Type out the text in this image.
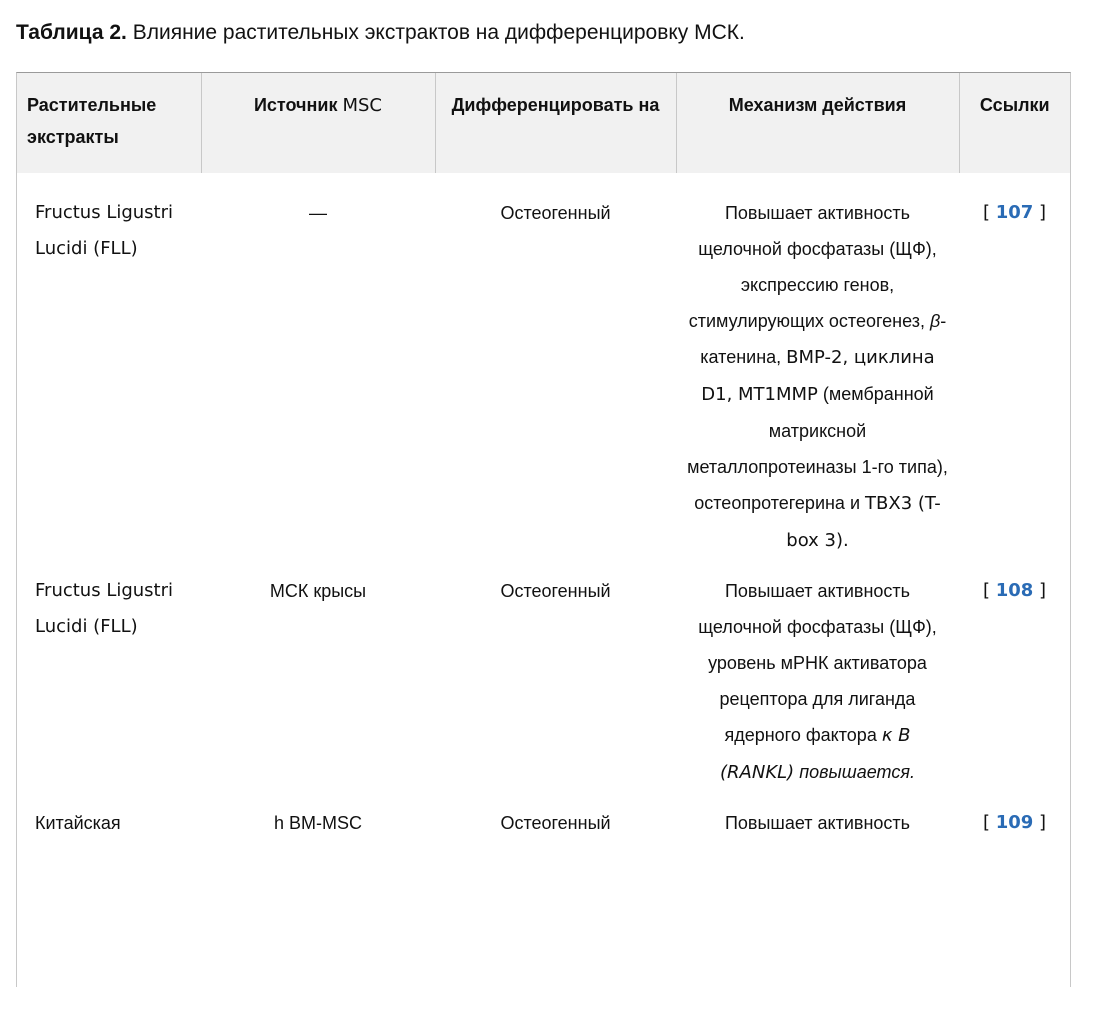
Таблица 2. Влияние растительных экстрактов на дифференцировку МСК.
Растительные экстракты	Источник MSC	Дифференцировать на	Механизм действия	Ссылки
Fructus Ligustri Lucidi (FLL)	—	Остеогенный	Повышает активность щелочной фосфатазы (ЩФ), экспрессию генов, стимулирующих остеогенез, β-катенина, BMP-2, циклина D1, MT1MMP (мембранной матриксной металлопротеиназы 1-го типа), остеопротегерина и TBX3 (T-box 3).	[ 107 ]
Fructus Ligustri Lucidi (FLL)	МСК крысы	Остеогенный	Повышает активность щелочной фосфатазы (ЩФ), уровень мРНК активатора рецептора для лиганда ядерного фактора κ B (RANKL) повышается.	[ 108 ]
Китайская	h BM-MSC	Остеогенный	Повышает активность	[ 109 ]
